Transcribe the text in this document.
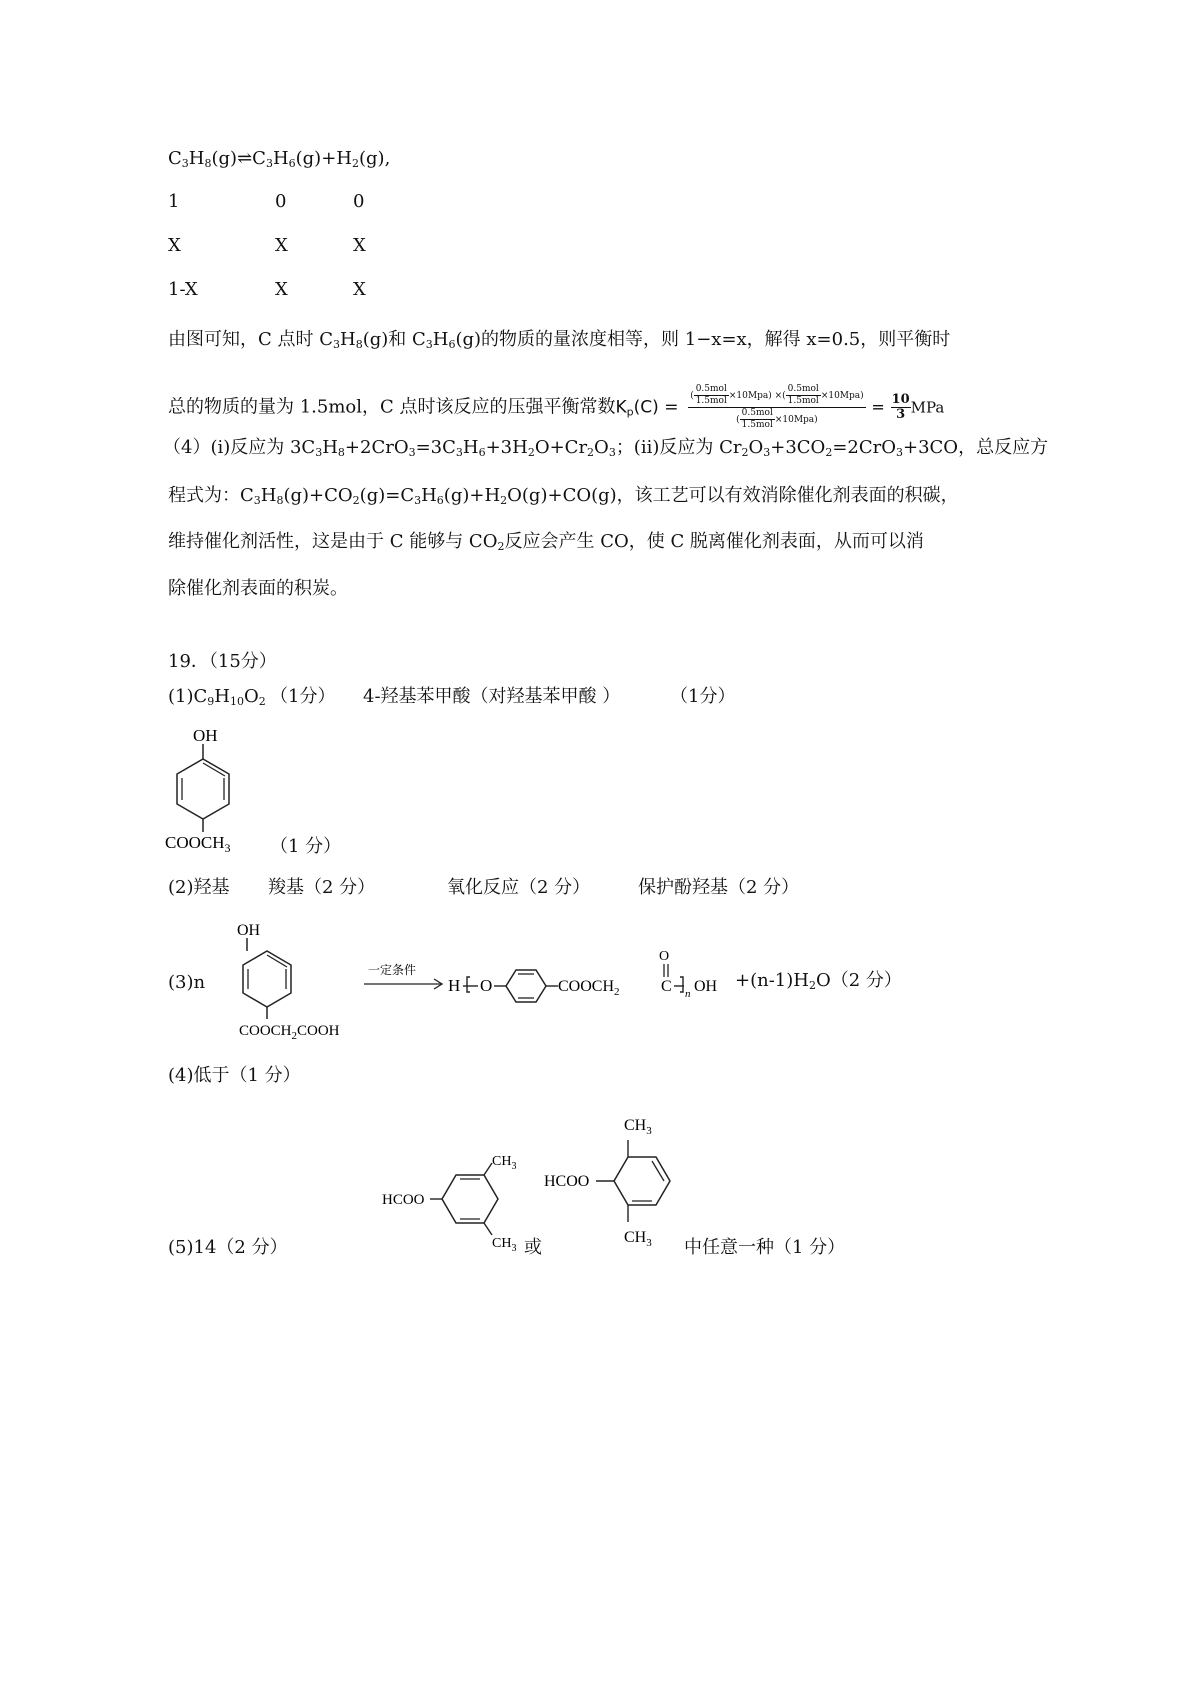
$C_3H_8(g)\rightleftharpoons C_3H_6(g)+H_2(g)$,
1	0	0
X	X	X
1-X	X	X
由图可知，C 点时 $C_3H_8(g)$和 $C_3H_6(g)$的物质的量浓度相等，则 1−x=x，解得 x=0.5，则平衡时
总的物质的量为 1.5mol，C 点时该反应的压强平衡常数$K_p(C) = \frac{( \frac{\text{0.5mol}}{\text{1.5mol}} \times 10Mpa) \times( \frac{\text{0.5mol}}{\text{1.5mol}} \times 10Mpa)}{( \frac{\text{0.5mol}}{\text{1.5mol}} \times 10Mpa)} = \frac{10}{3}$ MPa
（4）(i)反应为 $3C_3H_8+2CrO_3=3C_3H_6+3H_2O+Cr_2O_3$；(ii)反应为 $Cr_2O_3+3CO_2=2CrO_3+3CO$，总反应方
程式为：$C_3H_8(g)+CO_2(g)=C_3H_6(g)+H_2O(g)+CO(g)$，该工艺可以有效消除催化剂表面的积碳，
维持催化剂活性，这是由于 C 能够与 $CO_2$反应会产生 CO，使 C 脱离催化剂表面，从而可以消
除催化剂表面的积炭。
19．（15分）
$(1)C_9H_{10}O_2$ （1分） 4-羟基苯甲酸（对羟基苯甲酸 ）	（1分）
OH
$COOCH_3$ （1 分）
(2)羟基 羧基（2 分）	氧化反应（2 分）	保护酚羟基（2 分）
(3)n
OH
$COOCH_2COOH$
一定条件
H O	$COOCH_2$	C
O
n OH $+(n-1)H_2O(2$ 分）
(4)低于（1 分）
(5)14（2 分）
HCOO
$CH_3$
$CH_3$ 或
HCOO
$CH_3$
$CH_3$ 中任意一种（1 分）
